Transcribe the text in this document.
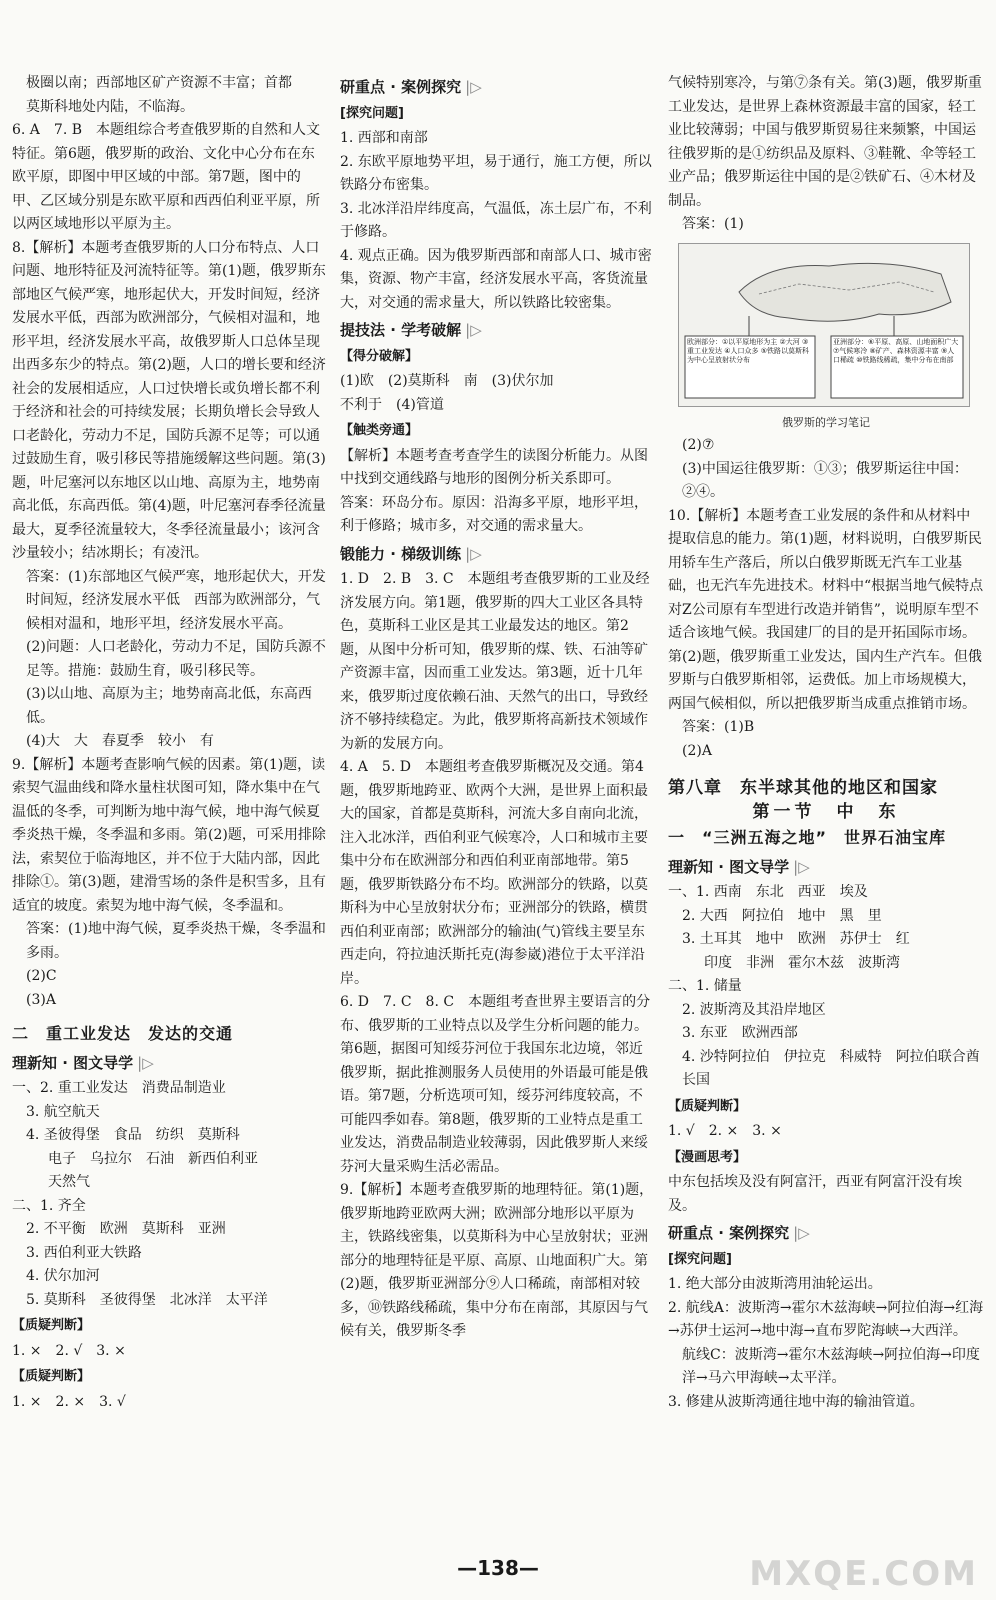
极圈以南；西部地区矿产资源不丰富；首都

莫斯科地处内陆，不临海。

6. A　7. B　本题组综合考查俄罗斯的自然和人文特征。第6题，俄罗斯的政治、文化中心分布在东欧平原，即图中甲区域的中部。第7题，图中的甲、乙区域分别是东欧平原和西西伯利亚平原，所以两区域地形以平原为主。

8.【解析】本题考查俄罗斯的人口分布特点、人口问题、地形特征及河流特征等。第(1)题，俄罗斯东部地区气候严寒，地形起伏大，开发时间短，经济发展水平低，西部为欧洲部分，气候相对温和，地形平坦，经济发展水平高，故俄罗斯人口总体呈现出西多东少的特点。第(2)题，人口的增长要和经济社会的发展相适应，人口过快增长或负增长都不利于经济和社会的可持续发展；长期负增长会导致人口老龄化，劳动力不足，国防兵源不足等；可以通过鼓励生育，吸引移民等措施缓解这些问题。第(3)题，叶尼塞河以东地区以山地、高原为主，地势南高北低，东高西低。第(4)题，叶尼塞河春季径流量最大，夏季径流量较大，冬季径流量最小；该河含沙量较小；结冰期长；有凌汛。

答案：(1)东部地区气候严寒，地形起伏大，开发时间短，经济发展水平低　西部为欧洲部分，气候相对温和，地形平坦，经济发展水平高。

(2)问题：人口老龄化，劳动力不足，国防兵源不足等。措施：鼓励生育，吸引移民等。

(3)以山地、高原为主；地势南高北低，东高西低。

(4)大　大　春夏季　较小　有

9.【解析】本题考查影响气候的因素。第(1)题，读索契气温曲线和降水量柱状图可知，降水集中在气温低的冬季，可判断为地中海气候，地中海气候夏季炎热干燥，冬季温和多雨。第(2)题，可采用排除法，索契位于临海地区，并不位于大陆内部，因此排除①。第(3)题，建滑雪场的条件是积雪多，且有适宜的坡度。索契为地中海气候，冬季温和。

答案：(1)地中海气候，夏季炎热干燥，冬季温和多雨。

(2)C

(3)A

二　重工业发达　发达的交通
理新知 · 图文导学 |▷

一、2. 重工业发达　消费品制造业

3. 航空航天

4. 圣彼得堡　食品　纺织　莫斯科

电子　乌拉尔　石油　新西伯利亚

天然气

二、1. 齐全

2. 不平衡　欧洲　莫斯科　亚洲

3. 西伯利亚大铁路

4. 伏尔加河

5. 莫斯科　圣彼得堡　北冰洋　太平洋

【质疑判断】

1. ×　2. √　3. ×

【质疑判断】

1. ×　2. ×　3. √

研重点 · 案例探究 |▷
[探究问题]

1. 西部和南部

2. 东欧平原地势平坦，易于通行，施工方便，所以铁路分布密集。

3. 北冰洋沿岸纬度高，气温低，冻土层广布，不利于修路。

4. 观点正确。因为俄罗斯西部和南部人口、城市密集，资源、物产丰富，经济发展水平高，客货流量大，对交通的需求量大，所以铁路比较密集。

提技法 · 学考破解 |▷
【得分破解】

(1)欧　(2)莫斯科　南　(3)伏尔加

不利于　(4)管道

【触类旁通】

【解析】本题考查考查学生的读图分析能力。从图中找到交通线路与地形的图例分析关系即可。

答案：环岛分布。原因：沿海多平原，地形平坦，利于修路；城市多，对交通的需求量大。

锻能力 · 梯级训练 |▷

1. D　2. B　3. C　本题组考查俄罗斯的工业及经济发展方向。第1题，俄罗斯的四大工业区各具特色，莫斯科工业区是其工业最发达的地区。第2题，从图中分析可知，俄罗斯的煤、铁、石油等矿产资源丰富，因而重工业发达。第3题，近十几年来，俄罗斯过度依赖石油、天然气的出口，导致经济不够持续稳定。为此，俄罗斯将高新技术领域作为新的发展方向。

4. A　5. D　本题组考查俄罗斯概况及交通。第4题，俄罗斯地跨亚、欧两个大洲，是世界上面积最大的国家，首都是莫斯科，河流大多自南向北流，注入北冰洋，西伯利亚气候寒冷，人口和城市主要集中分布在欧洲部分和西伯利亚南部地带。第5题，俄罗斯铁路分布不均。欧洲部分的铁路，以莫斯科为中心呈放射状分布；亚洲部分的铁路，横贯西伯利亚南部；欧洲部分的输油(气)管线主要呈东西走向，符拉迪沃斯托克(海参崴)港位于太平洋沿岸。

6. D　7. C　8. C　本题组考查世界主要语言的分布、俄罗斯的工业特点以及学生分析问题的能力。第6题，据图可知绥芬河位于我国东北边境，邻近俄罗斯，据此推测服务人员使用的外语最可能是俄语。第7题，分析选项可知，绥芬河纬度较高，不可能四季如春。第8题，俄罗斯的工业特点是重工业发达，消费品制造业较薄弱，因此俄罗斯人来绥芬河大量采购生活必需品。

9.【解析】本题考查俄罗斯的地理特征。第(1)题，俄罗斯地跨亚欧两大洲；欧洲部分地形以平原为主，铁路线密集，以莫斯科为中心呈放射状；亚洲部分的地理特征是平原、高原、山地面积广大。第(2)题，俄罗斯亚洲部分⑨人口稀疏，南部相对较多，⑩铁路线稀疏，集中分布在南部，其原因与气候有关，俄罗斯冬季

气候特别寒冷，与第⑦条有关。第(3)题，俄罗斯重工业发达，是世界上森林资源最丰富的国家，轻工业比较薄弱；中国与俄罗斯贸易往来频繁，中国运往俄罗斯的是①纺织品及原料、③鞋靴、伞等轻工业产品；俄罗斯运往中国的是②铁矿石、④木材及制品。

答案：(1)

欧洲部分：①以平原地形为主 ②大河 ③重工业发达 ④人口众多 ⑤铁路以莫斯科为中心呈放射状分布
亚洲部分：⑥平原、高原、山地面积广大 ⑦气候寒冷 ⑧矿产、森林资源丰富 ⑨人口稀疏 ⑩铁路线稀疏，集中分布在南部
俄罗斯的学习笔记

(2)⑦

(3)中国运往俄罗斯：①③；俄罗斯运往中国：②④。

10.【解析】本题考查工业发展的条件和从材料中提取信息的能力。第(1)题，材料说明，白俄罗斯民用轿车生产落后，所以白俄罗斯既无汽车工业基础，也无汽车先进技术。材料中“根据当地气候特点对Z公司原有车型进行改造并销售”，说明原车型不适合该地气候。我国建厂的目的是开拓国际市场。第(2)题，俄罗斯重工业发达，国内生产汽车。但俄罗斯与白俄罗斯相邻，运费低。加上市场规模大，两国气候相似，所以把俄罗斯当成重点推销市场。

答案：(1)B

(2)A

第八章　东半球其他的地区和国家
第一节　中　东
一　“三洲五海之地”　世界石油宝库
理新知 · 图文导学 |▷

一、1. 西南　东北　西亚　埃及

2. 大西　阿拉伯　地中　黑　里

3. 土耳其　地中　欧洲　苏伊士　红

印度　非洲　霍尔木兹　波斯湾

二、1. 储量

2. 波斯湾及其沿岸地区

3. 东亚　欧洲西部

4. 沙特阿拉伯　伊拉克　科威特　阿拉伯联合酋长国

【质疑判断】

1. √　2. ×　3. ×

【漫画思考】

中东包括埃及没有阿富汗，西亚有阿富汗没有埃及。

研重点 · 案例探究 |▷
[探究问题]

1. 绝大部分由波斯湾用油轮运出。

2. 航线A：波斯湾→霍尔木兹海峡→阿拉伯海→红海→苏伊士运河→地中海→直布罗陀海峡→大西洋。

航线C：波斯湾→霍尔木兹海峡→阿拉伯海→印度洋→马六甲海峡→太平洋。

3. 修建从波斯湾通往地中海的输油管道。

—138—	MXQE.COM
